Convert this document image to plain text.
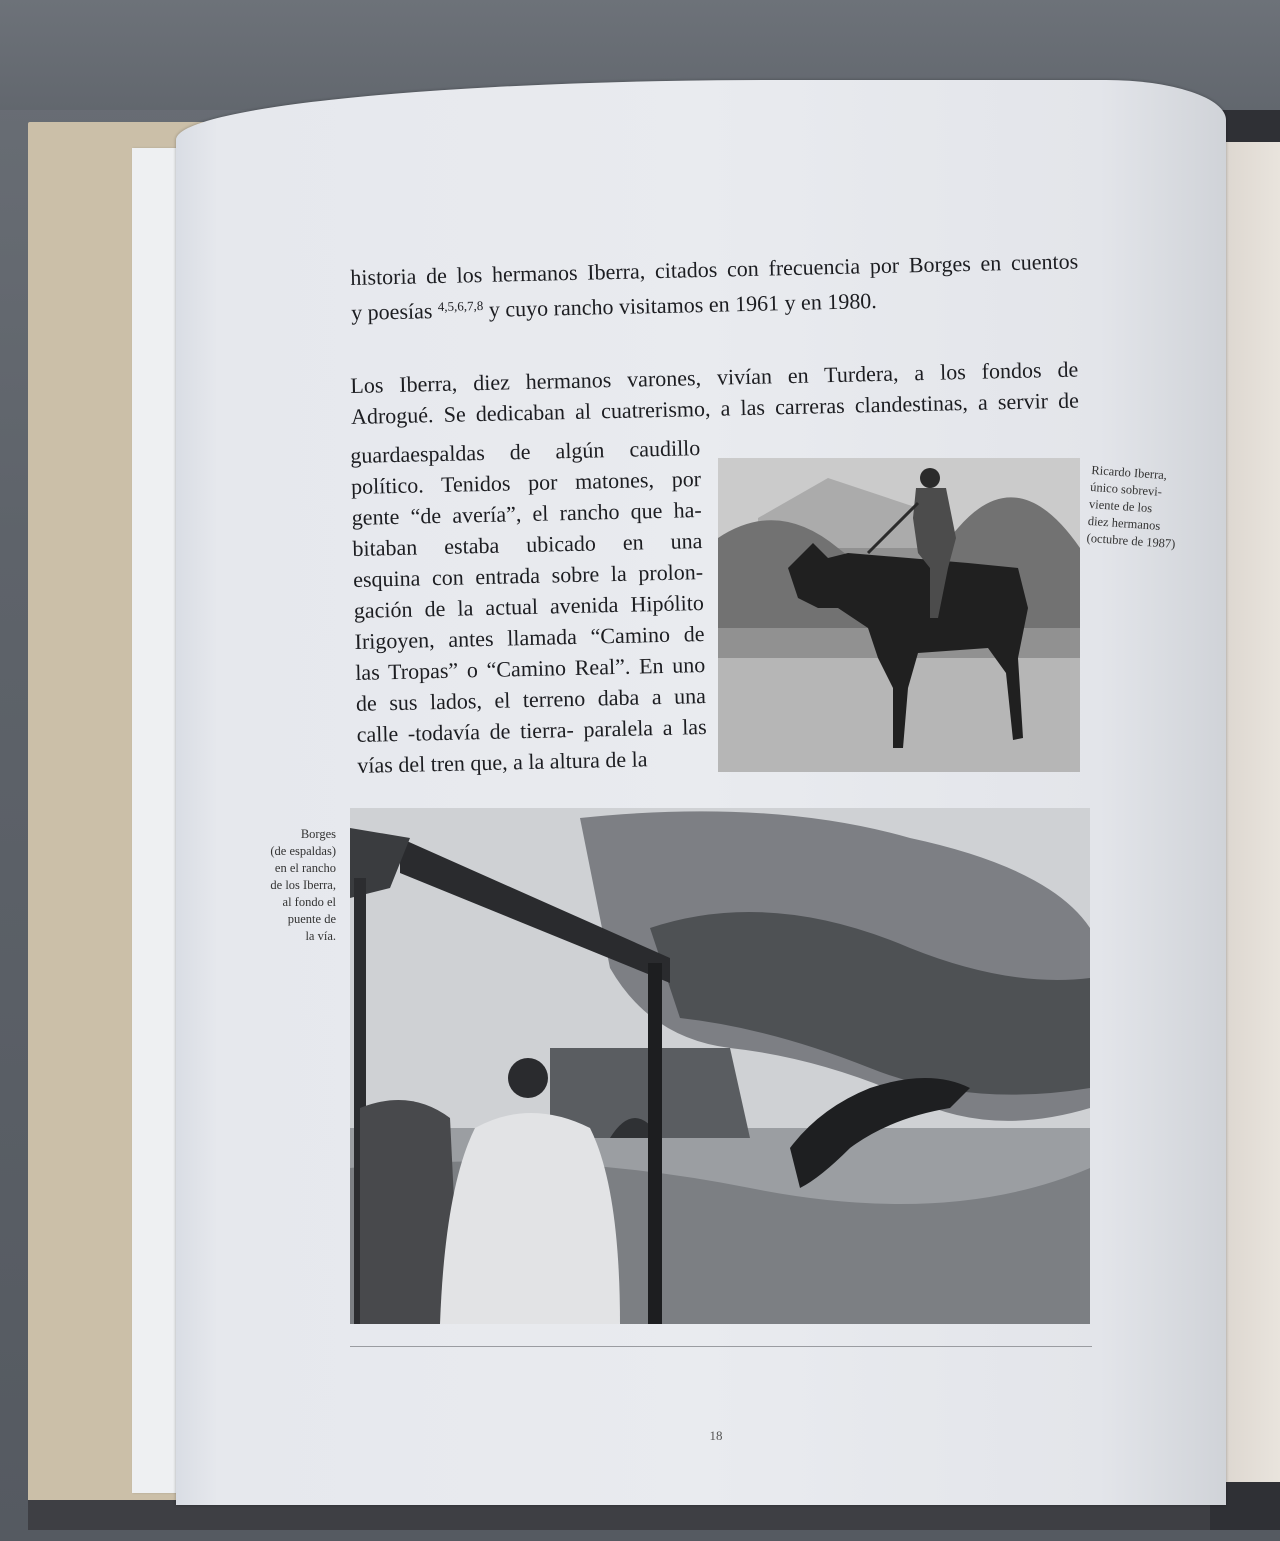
historia de los hermanos Iberra, citados con frecuencia por Borges en cuentos
y poesías $^{4,5,6,7,8}$ y cuyo rancho visitamos en 1961 y en 1980.
Los Iberra, diez hermanos varones, vivían en Turdera, a los fondos de
Adrogué. Se dedicaban al cuatrerismo, a las carreras clandestinas, a servir de
guardaespaldas de algún caudillo
político. Tenidos por matones, por
gente “de avería”, el rancho que ha-
bitaban estaba ubicado en una
esquina con entrada sobre la prolon-
gación de la actual avenida Hipólito
Irigoyen, antes llamada “Camino de
las Tropas” o “Camino Real”. En uno
de sus lados, el terreno daba a una
calle -todavía de tierra- paralela a las
vías del tren que, a la altura de la
Ricardo Iberra,
único sobrevi-
viente de los
diez hermanos
(octubre de 1987)
Borges
(de espaldas)
en el rancho
de los Iberra,
al fondo el
puente de
la vía.
18
